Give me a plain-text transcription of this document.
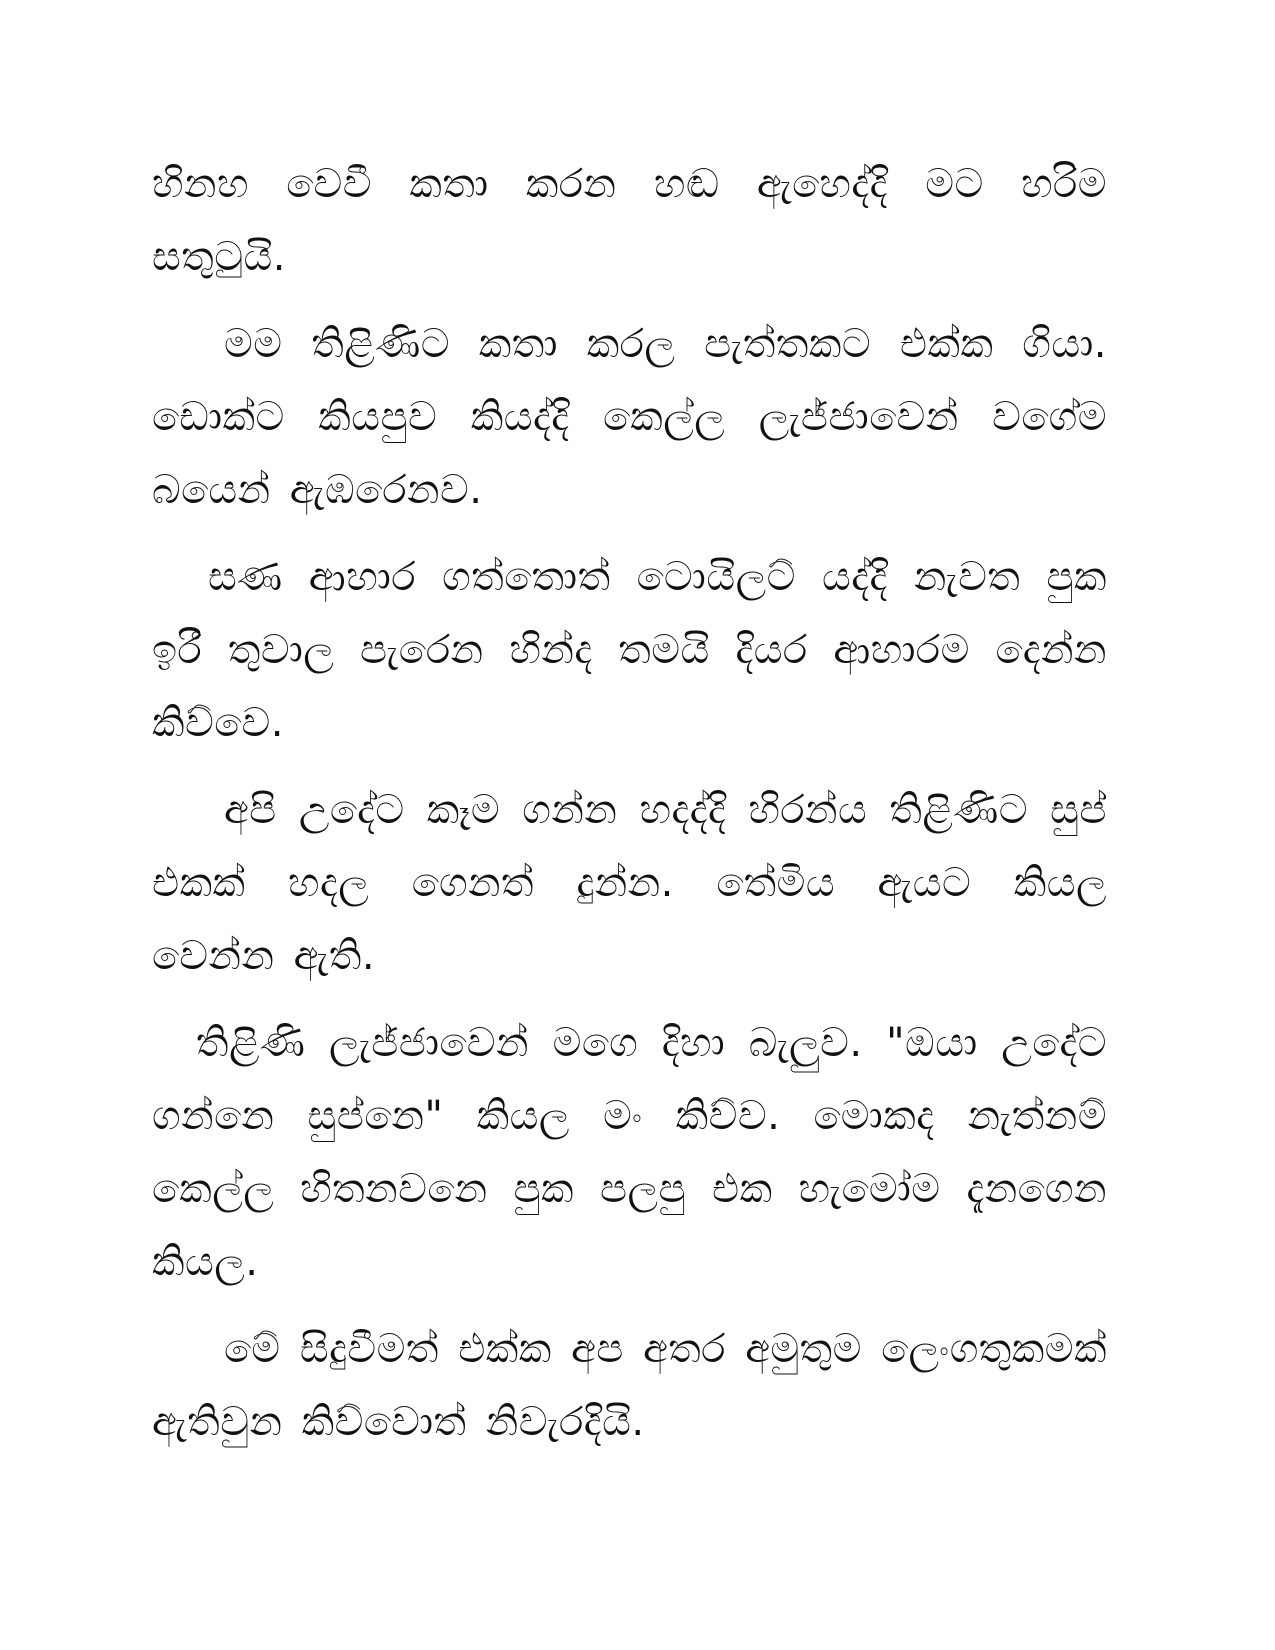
හිනහ වෙවී කතා කරන හඬ ඇහෙද්දි මට හරිම සතුටුයි.

මම තිළිණිට කතා කරල පැත්තකට එක්ක ගියා. ඩොක්ට කියපුව කියද්දි කෙල්ල ලැජ්ජාවෙන් වගේම බයෙන් ඇඹරෙනව.

සණ ආහාර ගත්තොත් ටොයිලට් යද්දි නැවත පුක ඉරී තුවාල පැරෙන හින්ද තමයි දියර ආහාරම දෙන්න කිව්වෙ.

අපි උදේට කෑම ගන්න හදද්දි හිරන්ය තිළිණිට සුප් එකක් හදල ගෙනත් දුන්න. තේමිය ඇයට කියල වෙන්න ඇති.

තිළිණි ලැජ්ජාවෙන් මගෙ දිහා බැලුව. "ඔයා උදේට ගන්නෙ සුප්නෙ" කියල මං කිව්ව. මොකද නැත්නම් කෙල්ල හිතනවනෙ පුක පලපු එක හැමෝම දැනගෙන කියල.

මේ සිදුවීමත් එක්ක අප අතර අමුතුම ලෙංගතුකමක් ඇතිවුන කිව්වොත් නිවැරදියි.
